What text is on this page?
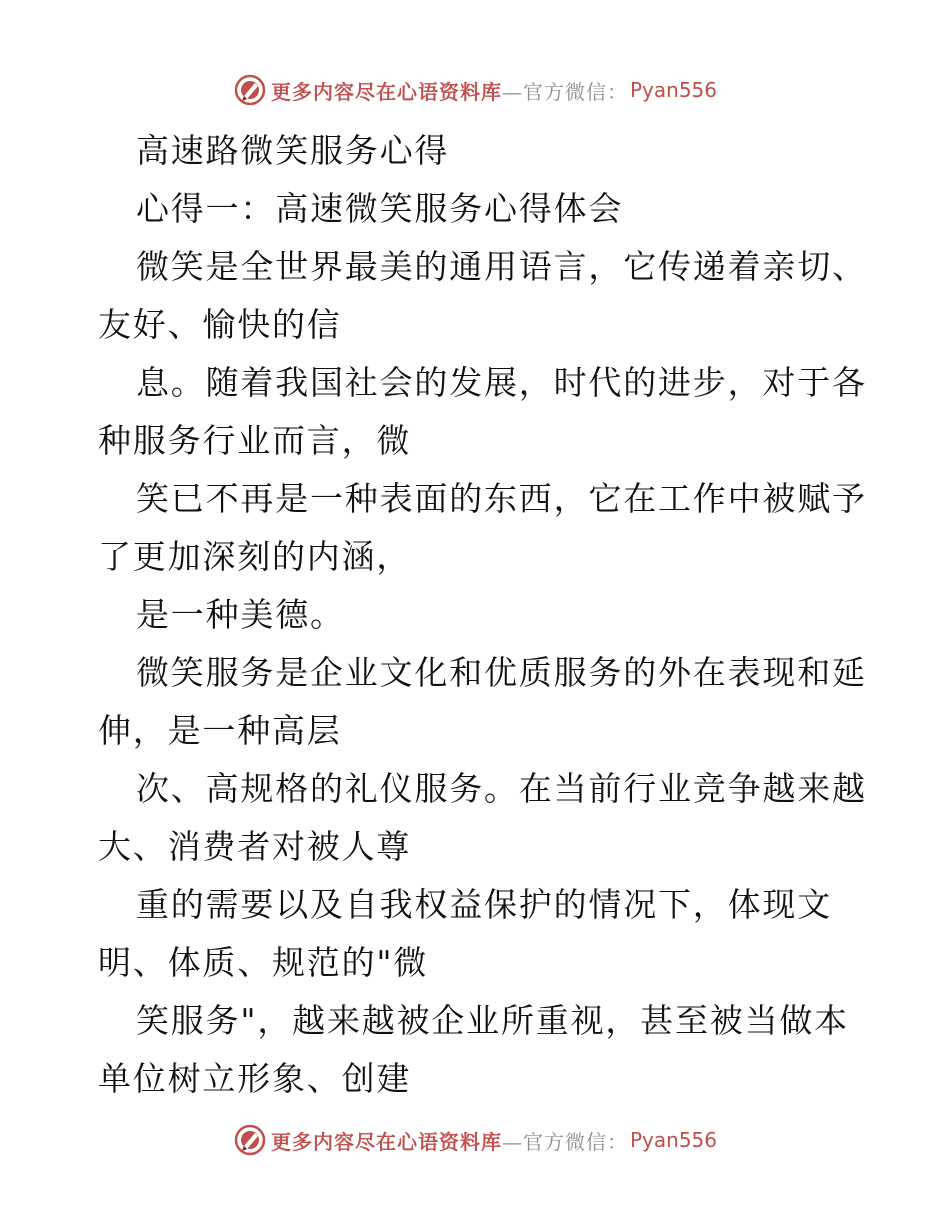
更多内容尽在心语资料库 —官方微信： Pyan556
高速路微笑服务心得
心得一：高速微笑服务心得体会
微笑是全世界最美的通用语言，它传递着亲切、
友好、愉快的信
息。随着我国社会的发展，时代的进步，对于各
种服务行业而言，微
笑已不再是一种表面的东西，它在工作中被赋予
了更加深刻的内涵，
是一种美德。
微笑服务是企业文化和优质服务的外在表现和延
伸，是一种高层
次、高规格的礼仪服务。在当前行业竞争越来越
大、消费者对被人尊
重的需要以及自我权益保护的情况下，体现文
明、体质、规范的"微
笑服务"，越来越被企业所重视，甚至被当做本
单位树立形象、创建
更多内容尽在心语资料库 —官方微信： Pyan556
